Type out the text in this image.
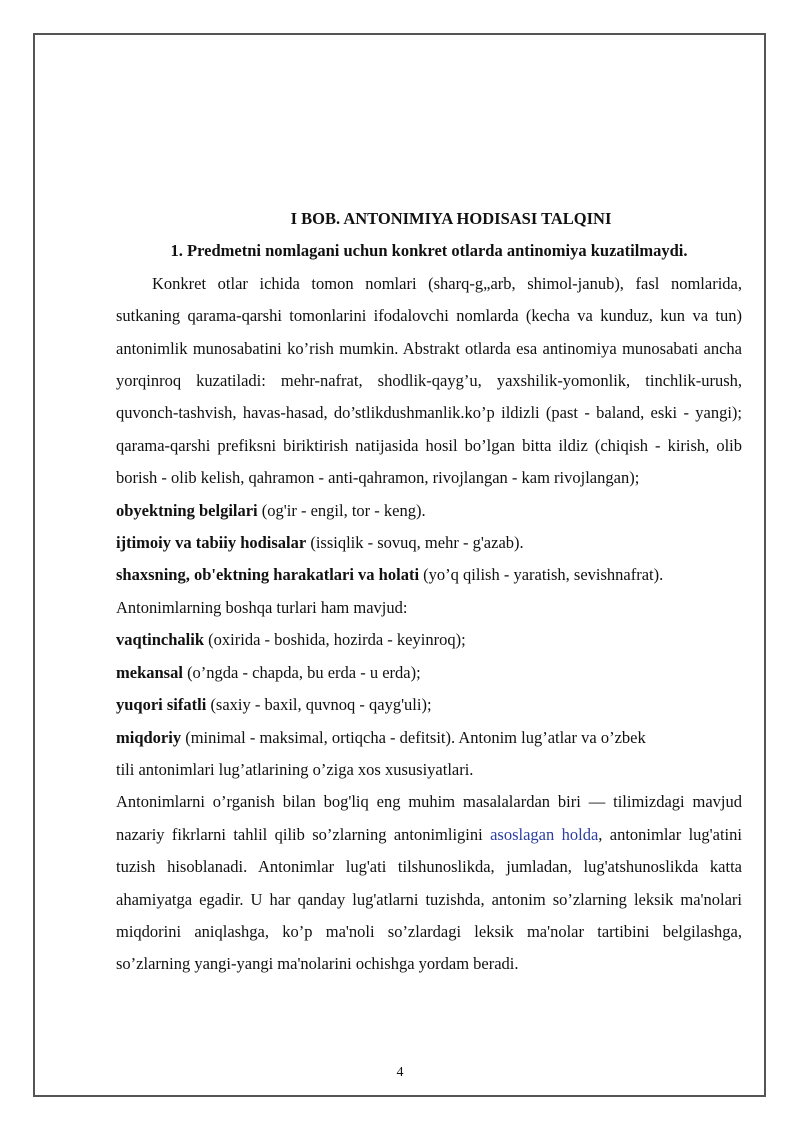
I BOB. ANTONIMIYA HODISASI TALQINI

1. Predmetni nomlagani uchun konkret otlarda antinomiya kuzatilmaydi.

Konkret otlar ichida tomon nomlari (sharq-g„arb, shimol-janub), fasl nomlarida, sutkaning qarama-qarshi tomonlarini ifodalovchi nomlarda (kecha va kunduz, kun va tun) antonimlik munosabatini ko’rish mumkin. Abstrakt otlarda esa antinomiya munosabati ancha yorqinroq kuzatiladi: mehr-nafrat, shodlik-qayg’u, yaxshilik-yomonlik, tinchlik-urush, quvonch-tashvish, havas-hasad, do’stlikdushmanlik.ko’p ildizli (past - baland, eski - yangi); qarama-qarshi prefiksni biriktirish natijasida hosil bo’lgan bitta ildiz (chiqish - kirish, olib borish - olib kelish, qahramon - anti-qahramon, rivojlangan - kam rivojlangan);

obyektning belgilari (og'ir - engil, tor - keng).

ijtimoiy va tabiiy hodisalar (issiqlik - sovuq, mehr - g'azab).

shaxsning, ob'ektning harakatlari va holati (yo’q qilish - yaratish, sevishnafrat).

Antonimlarning boshqa turlari ham mavjud:

vaqtinchalik (oxirida - boshida, hozirda - keyinroq);

mekansal (o’ngda - chapda, bu erda - u erda);

yuqori sifatli (saxiy - baxil, quvnoq - qayg'uli);

miqdoriy (minimal - maksimal, ortiqcha - defitsit). Antonim lug’atlar va o’zbek
tili antonimlari lug’atlarining o’ziga xos xususiyatlari.

Antonimlarni o’rganish bilan bog'liq eng muhim masalalardan biri — tilimizdagi mavjud nazariy fikrlarni tahlil qilib so’zlarning antonimligini asoslagan holda, antonimlar lug'atini tuzish hisoblanadi. Antonimlar lug'ati tilshunoslikda, jumladan, lug'atshunoslikda katta ahamiyatga egadir. U har qanday lug'atlarni tuzishda, antonim so’zlarning leksik ma'nolari miqdorini aniqlashga, ko’p ma'noli so’zlardagi leksik ma'nolar tartibini belgilashga, so’zlarning yangi-yangi ma'nolarini ochishga yordam beradi.

4
